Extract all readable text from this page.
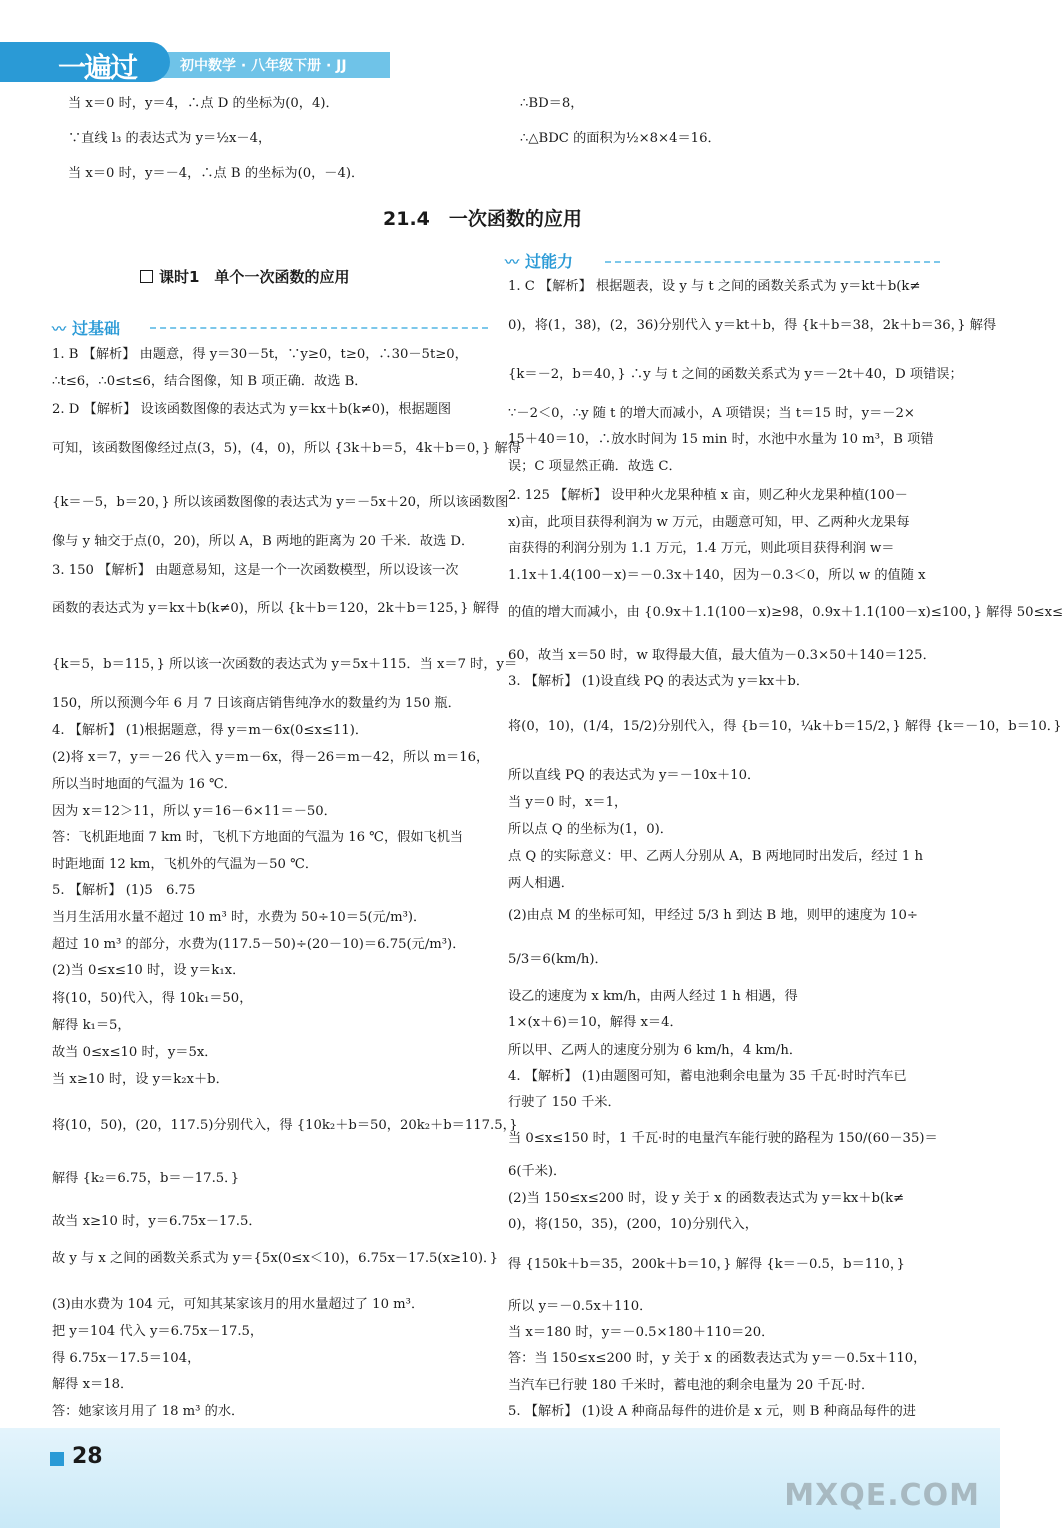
一遍过	初中数学 · 八年级下册 · JJ
当 x＝0 时，y＝4，∴点 D 的坐标为(0，4)．
∵直线 l₃ 的表达式为 y＝½x－4，
当 x＝0 时，y＝－4，∴点 B 的坐标为(0，－4)．
∴BD＝8，
∴△BDC 的面积为½×8×4＝16．
21.4　一次函数的应用
课时1　单个一次函数的应用
〰 过基础
〰 过能力
1. B 【解析】 由题意，得 y＝30－5t，∵y≥0，t≥0，∴30－5t≥0，
∴t≤6，∴0≤t≤6，结合图像，知 B 项正确．故选 B．
2. D 【解析】 设该函数图像的表达式为 y＝kx＋b(k≠0)，根据题图
可知，该函数图像经过点(3，5)，(4，0)，所以 {3k＋b＝5，4k＋b＝0，} 解得
{k＝－5，b＝20，} 所以该函数图像的表达式为 y＝－5x＋20，所以该函数图
像与 y 轴交于点(0，20)，所以 A，B 两地的距离为 20 千米．故选 D．
3. 150 【解析】 由题意易知，这是一个一次函数模型，所以设该一次
函数的表达式为 y＝kx＋b(k≠0)，所以 {k＋b＝120，2k＋b＝125，} 解得
{k＝5，b＝115，} 所以该一次函数的表达式为 y＝5x＋115．当 x＝7 时，y＝
150，所以预测今年 6 月 7 日该商店销售纯净水的数量约为 150 瓶．
4. 【解析】 (1)根据题意，得 y＝m－6x(0≤x≤11)．
(2)将 x＝7，y＝－26 代入 y＝m－6x，得－26＝m－42，所以 m＝16，
所以当时地面的气温为 16 ℃．
因为 x＝12＞11，所以 y＝16－6×11＝－50．
答：飞机距地面 7 km 时，飞机下方地面的气温为 16 ℃，假如飞机当
时距地面 12 km，飞机外的气温为－50 ℃．
5. 【解析】 (1)5　6.75
当月生活用水量不超过 10 m³ 时，水费为 50÷10＝5(元/m³)．
超过 10 m³ 的部分，水费为(117.5－50)÷(20－10)＝6.75(元/m³)．
(2)当 0≤x≤10 时，设 y＝k₁x．
将(10，50)代入，得 10k₁＝50，
解得 k₁＝5，
故当 0≤x≤10 时，y＝5x．
当 x≥10 时，设 y＝k₂x＋b．
将(10，50)，(20，117.5)分别代入，得 {10k₂＋b＝50，20k₂＋b＝117.5，}
解得 {k₂＝6.75，b＝－17.5．}
故当 x≥10 时，y＝6.75x－17.5．
故 y 与 x 之间的函数关系式为 y＝{5x(0≤x＜10)，6.75x－17.5(x≥10)．}
(3)由水费为 104 元，可知其某家该月的用水量超过了 10 m³．
把 y＝104 代入 y＝6.75x－17.5，
得 6.75x－17.5＝104，
解得 x＝18．
答：她家该月用了 18 m³ 的水．
1. C 【解析】 根据题表，设 y 与 t 之间的函数关系式为 y＝kt＋b(k≠
0)，将(1，38)，(2，36)分别代入 y＝kt＋b，得 {k＋b＝38，2k＋b＝36，} 解得
{k＝－2，b＝40，} ∴y 与 t 之间的函数关系式为 y＝－2t＋40，D 项错误；
∵－2＜0，∴y 随 t 的增大而减小，A 项错误；当 t＝15 时，y＝－2×
15＋40＝10，∴放水时间为 15 min 时，水池中水量为 10 m³，B 项错
误；C 项显然正确．故选 C．
2. 125 【解析】 设甲种火龙果种植 x 亩，则乙种火龙果种植(100－
x)亩，此项目获得利润为 w 万元，由题意可知，甲、乙两种火龙果每
亩获得的利润分别为 1.1 万元，1.4 万元，则此项目获得利润 w＝
1.1x＋1.4(100－x)＝－0.3x＋140，因为－0.3＜0，所以 w 的值随 x
的值的增大而减小，由 {0.9x＋1.1(100－x)≥98，0.9x＋1.1(100－x)≤100，} 解得 50≤x≤
60，故当 x＝50 时，w 取得最大值，最大值为－0.3×50＋140＝125．
3. 【解析】 (1)设直线 PQ 的表达式为 y＝kx＋b．
将(0，10)，(1/4，15/2)分别代入，得 {b＝10，¼k＋b＝15/2，} 解得 {k＝－10，b＝10．}
所以直线 PQ 的表达式为 y＝－10x＋10．
当 y＝0 时，x＝1，
所以点 Q 的坐标为(1，0)．
点 Q 的实际意义：甲、乙两人分别从 A，B 两地同时出发后，经过 1 h
两人相遇．
(2)由点 M 的坐标可知，甲经过 5/3 h 到达 B 地，则甲的速度为 10÷
5/3＝6(km/h)．
设乙的速度为 x km/h，由两人经过 1 h 相遇，得
1×(x＋6)＝10，解得 x＝4．
所以甲、乙两人的速度分别为 6 km/h，4 km/h．
4. 【解析】 (1)由题图可知，蓄电池剩余电量为 35 千瓦·时时汽车已
行驶了 150 千米．
当 0≤x≤150 时，1 千瓦·时的电量汽车能行驶的路程为 150/(60－35)＝
6(千米)．
(2)当 150≤x≤200 时，设 y 关于 x 的函数表达式为 y＝kx＋b(k≠
0)，将(150，35)，(200，10)分别代入，
得 {150k＋b＝35，200k＋b＝10，} 解得 {k＝－0.5，b＝110，}
所以 y＝－0.5x＋110．
当 x＝180 时，y＝－0.5×180＋110＝20．
答：当 150≤x≤200 时，y 关于 x 的函数表达式为 y＝－0.5x＋110，
当汽车已行驶 180 千米时，蓄电池的剩余电量为 20 千瓦·时．
5. 【解析】 (1)设 A 种商品每件的进价是 x 元，则 B 种商品每件的进
28
MXQE.COM
